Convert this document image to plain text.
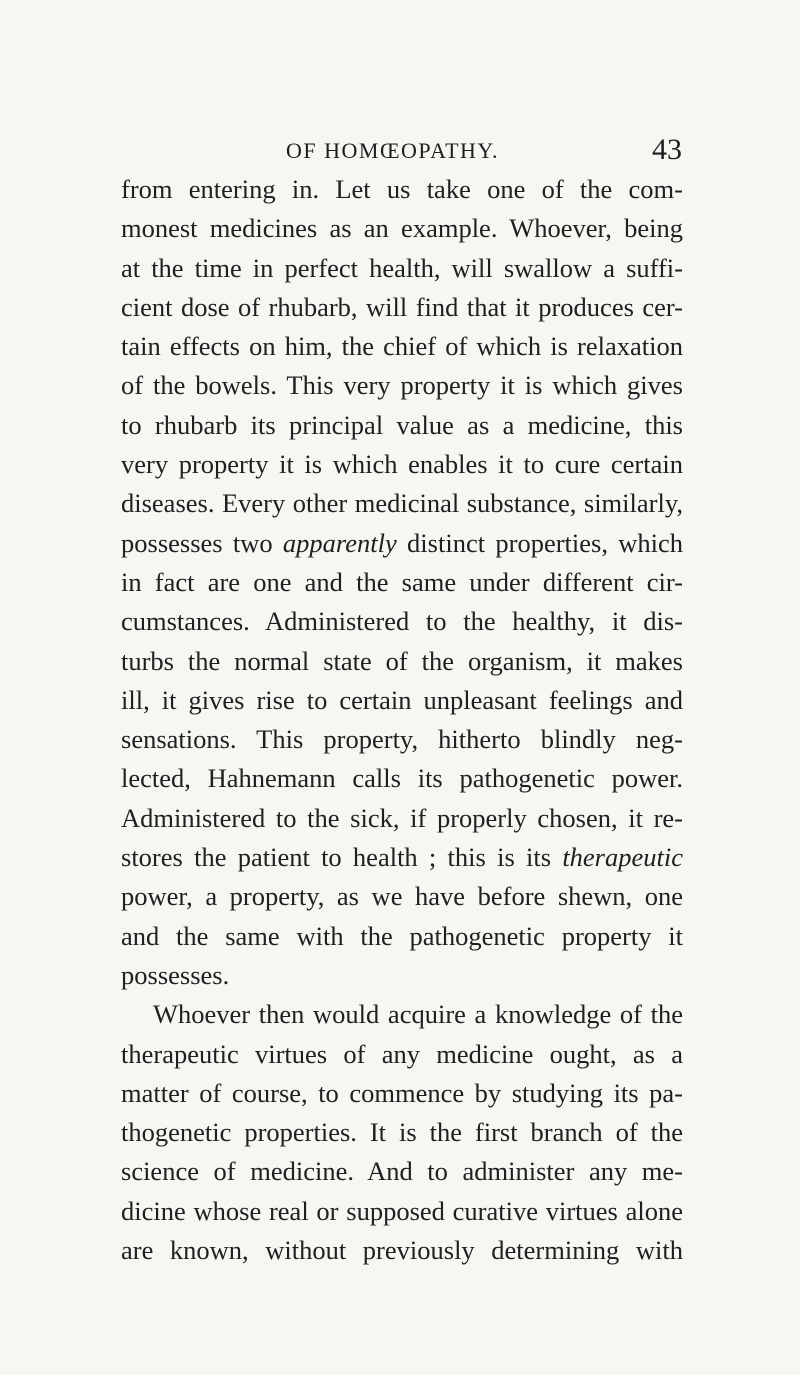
OF HOMŒOPATHY.	43
from entering in. Let us take one of the com-
monest medicines as an example. Whoever, being
at the time in perfect health, will swallow a suffi-
cient dose of rhubarb, will find that it produces cer-
tain effects on him, the chief of which is relaxation
of the bowels. This very property it is which gives
to rhubarb its principal value as a medicine, this
very property it is which enables it to cure certain
diseases. Every other medicinal substance, similarly,
possesses two apparently distinct properties, which
in fact are one and the same under different cir-
cumstances. Administered to the healthy, it dis-
turbs the normal state of the organism, it makes
ill, it gives rise to certain unpleasant feelings and
sensations. This property, hitherto blindly neg-
lected, Hahnemann calls its pathogenetic power.
Administered to the sick, if properly chosen, it re-
stores the patient to health ; this is its therapeutic
power, a property, as we have before shewn, one
and the same with the pathogenetic property it
possesses.
Whoever then would acquire a knowledge of the
therapeutic virtues of any medicine ought, as a
matter of course, to commence by studying its pa-
thogenetic properties. It is the first branch of the
science of medicine. And to administer any me-
dicine whose real or supposed curative virtues alone
are known, without previously determining with
